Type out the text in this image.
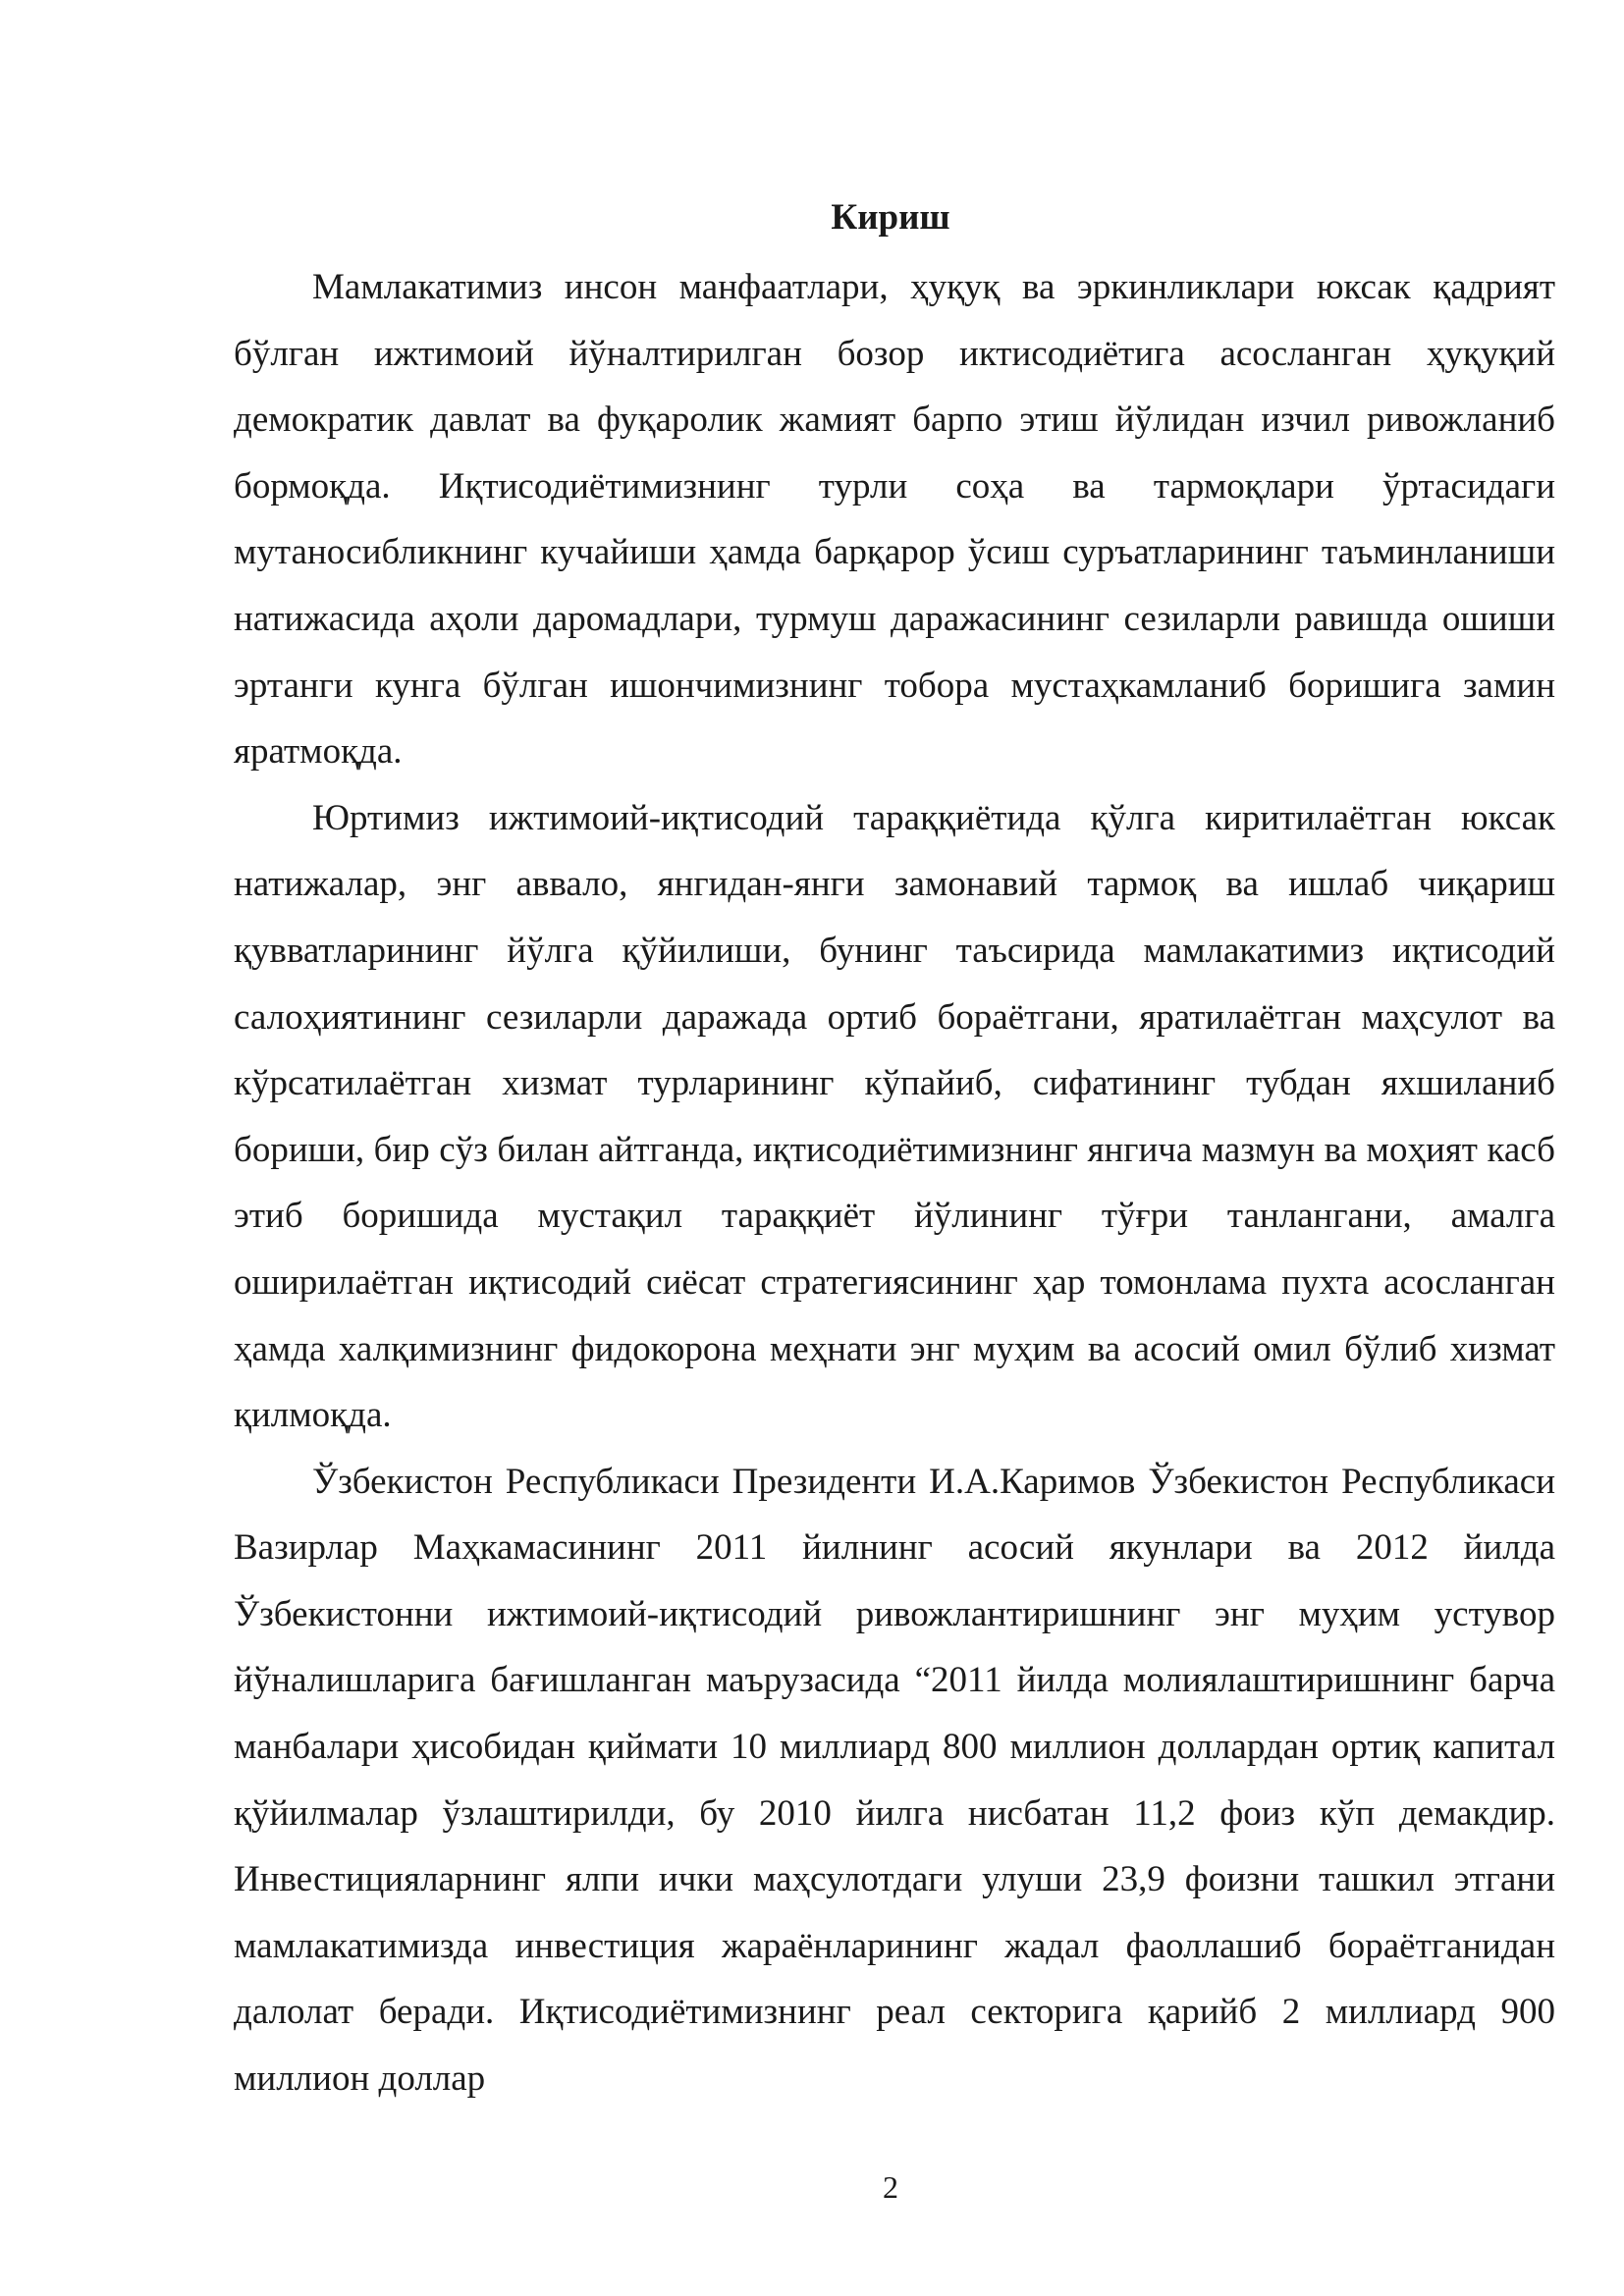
Кириш

Мамлакатимиз инсон манфаатлари, ҳуқуқ ва эркинликлари юксак қадрият бўлган ижтимоий йўналтирилган бозор иктисодиётига асосланган ҳуқуқий демократик давлат ва фуқаролик жамият барпо этиш йўлидан изчил ривожланиб бормоқда. Иқтисодиётимизнинг турли соҳа ва тармоқлари ўртасидаги мутаносибликнинг кучайиши ҳамда барқарор ўсиш суръатларининг таъминланиши натижасида аҳоли даромадлари, турмуш даражасининг сезиларли равишда ошиши эртанги кунга бўлган ишончимизнинг тобора мустаҳкамланиб боришига замин яратмоқда.

Юртимиз ижтимоий-иқтисодий тараққиётида қўлга киритилаётган юксак натижалар, энг аввало, янгидан-янги замонавий тармоқ ва ишлаб чиқариш қувватларининг йўлга қўйилиши, бунинг таъсирида мамлакатимиз иқтисодий салоҳиятининг сезиларли даражада ортиб бораётгани, яратилаётган маҳсулот ва кўрсатилаётган хизмат турларининг кўпайиб, сифатининг тубдан яхшиланиб бориши, бир сўз билан айтганда, иқтисодиётимизнинг янгича мазмун ва моҳият касб этиб боришида мустақил тараққиёт йўлининг тўғри танлангани, амалга оширилаётган иқтисодий сиёсат стратегиясининг ҳар томонлама пухта асосланган ҳамда халқимизнинг фидокорона меҳнати энг муҳим ва асосий омил бўлиб хизмат қилмоқда.

Ўзбекистон Республикаси Президенти И.А.Каримов Ўзбекистон Республикаси Вазирлар Маҳкамасининг 2011 йилнинг асосий якунлари ва 2012 йилда Ўзбекистонни ижтимоий-иқтисодий ривожлантиришнинг энг муҳим устувор йўналишларига бағишланган маърузасида “2011 йилда молиялаштиришнинг барча манбалари ҳисобидан қиймати 10 миллиард 800 миллион доллардан ортиқ капитал қўйилмалар ўзлаштирилди, бу 2010 йилга нисбатан 11,2 фоиз кўп демакдир. Инвестицияларнинг ялпи ички маҳсулотдаги улуши 23,9 фоизни ташкил этгани мамлакатимизда инвестиция жараёнларининг жадал фаоллашиб бораётганидан далолат беради. Иқтисодиётимизнинг реал секторига қарийб 2 миллиард 900 миллион доллар

2
